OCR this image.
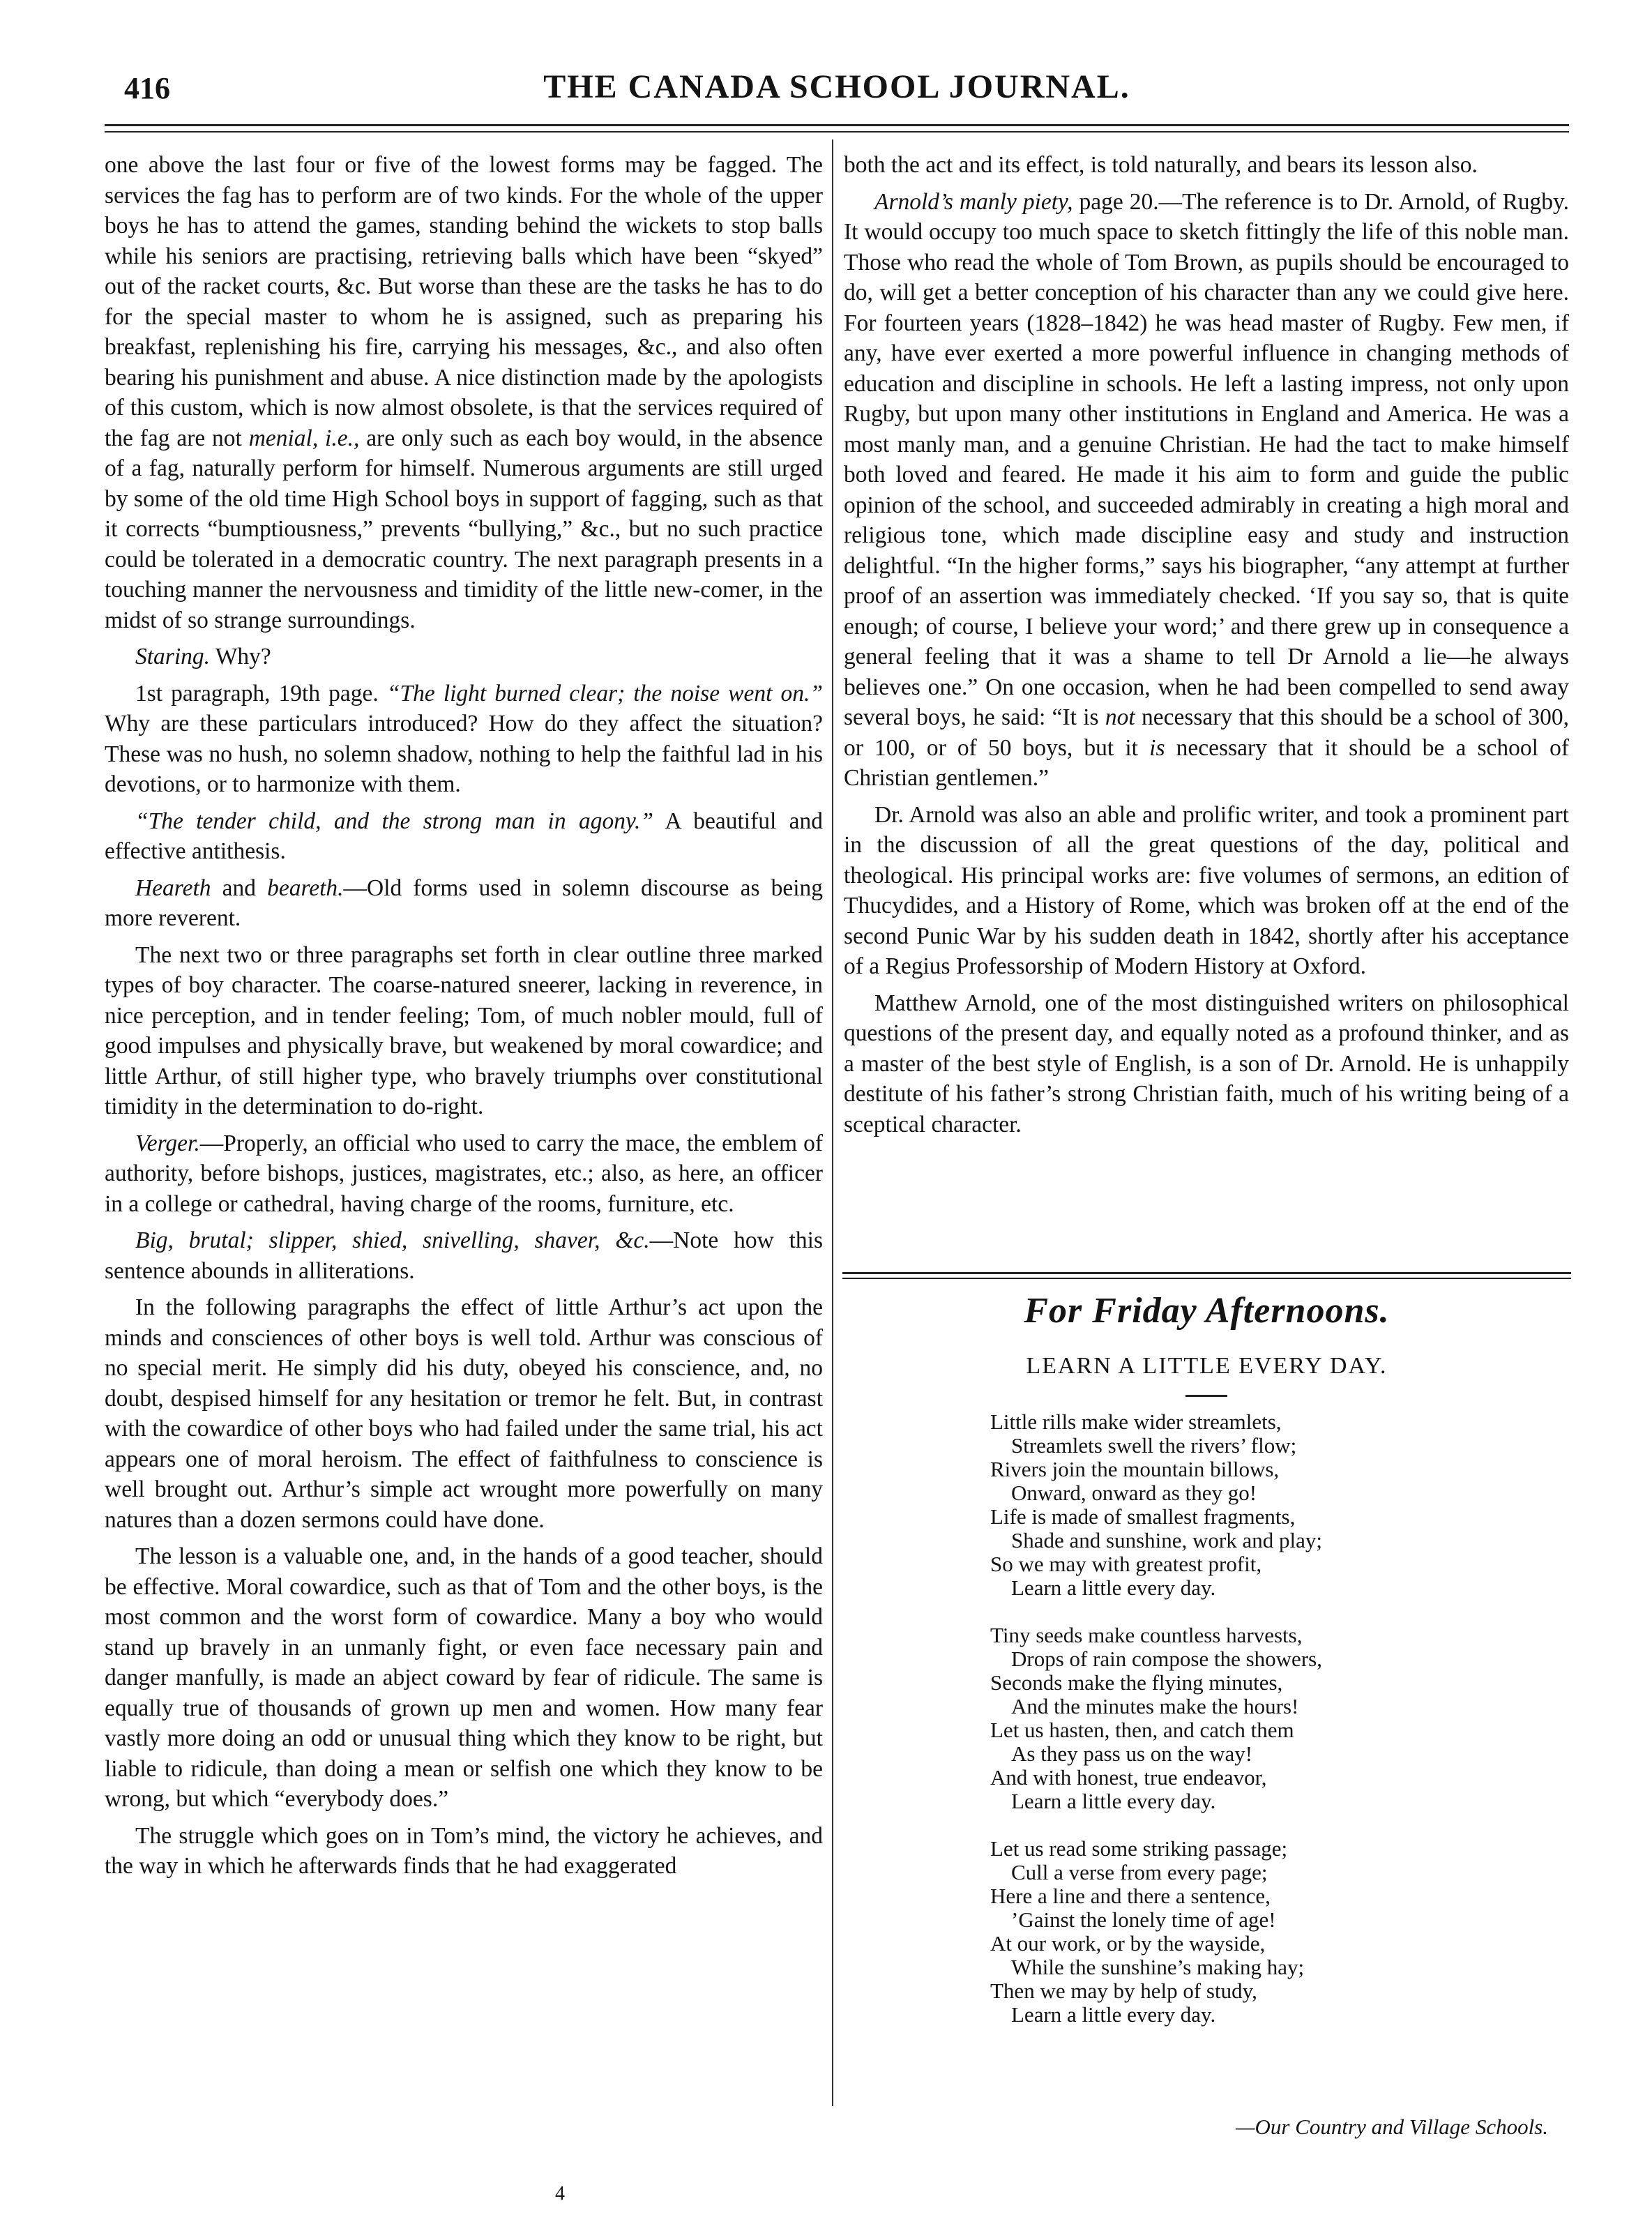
416	THE CANADA SCHOOL JOURNAL.

one above the last four or five of the lowest forms may be fagged. The services the fag has to perform are of two kinds. For the whole of the upper boys he has to attend the games, standing behind the wickets to stop balls while his seniors are practising, retrieving balls which have been “skyed” out of the racket courts, &c. But worse than these are the tasks he has to do for the special master to whom he is assigned, such as preparing his breakfast, replenishing his fire, carrying his messages, &c., and also often bearing his punishment and abuse. A nice distinction made by the apologists of this custom, which is now almost obsolete, is that the services required of the fag are not menial, i.e., are only such as each boy would, in the absence of a fag, naturally perform for himself. Numerous arguments are still urged by some of the old time High School boys in support of fagging, such as that it corrects “bumptiousness,” prevents “bullying,” &c., but no such practice could be tolerated in a democratic country. The next paragraph presents in a touching manner the nervousness and timidity of the little new-comer, in the midst of so strange surroundings.

Staring. Why?

1st paragraph, 19th page. “The light burned clear; the noise went on.” Why are these particulars introduced? How do they affect the situation? These was no hush, no solemn shadow, nothing to help the faithful lad in his devotions, or to harmonize with them.

“The tender child, and the strong man in agony.” A beautiful and effective antithesis.

Heareth and beareth.—Old forms used in solemn discourse as being more reverent.

The next two or three paragraphs set forth in clear outline three marked types of boy character. The coarse-natured sneerer, lacking in reverence, in nice perception, and in tender feeling; Tom, of much nobler mould, full of good impulses and physically brave, but weakened by moral cowardice; and little Arthur, of still higher type, who bravely triumphs over constitutional timidity in the determination to do-right.

Verger.—Properly, an official who used to carry the mace, the emblem of authority, before bishops, justices, magistrates, etc.; also, as here, an officer in a college or cathedral, having charge of the rooms, furniture, etc.

Big, brutal; slipper, shied, snivelling, shaver, &c.—Note how this sentence abounds in alliterations.

In the following paragraphs the effect of little Arthur’s act upon the minds and consciences of other boys is well told. Arthur was conscious of no special merit. He simply did his duty, obeyed his conscience, and, no doubt, despised himself for any hesitation or tremor he felt. But, in contrast with the cowardice of other boys who had failed under the same trial, his act appears one of moral heroism. The effect of faithfulness to conscience is well brought out. Arthur’s simple act wrought more powerfully on many natures than a dozen sermons could have done.

The lesson is a valuable one, and, in the hands of a good teacher, should be effective. Moral cowardice, such as that of Tom and the other boys, is the most common and the worst form of cowardice. Many a boy who would stand up bravely in an unmanly fight, or even face necessary pain and danger manfully, is made an abject coward by fear of ridicule. The same is equally true of thousands of grown up men and women. How many fear vastly more doing an odd or unusual thing which they know to be right, but liable to ridicule, than doing a mean or selfish one which they know to be wrong, but which “everybody does.”

The struggle which goes on in Tom’s mind, the victory he achieves, and the way in which he afterwards finds that he had exaggerated

both the act and its effect, is told naturally, and bears its lesson also.

Arnold’s manly piety, page 20.—The reference is to Dr. Arnold, of Rugby. It would occupy too much space to sketch fittingly the life of this noble man. Those who read the whole of Tom Brown, as pupils should be encouraged to do, will get a better conception of his character than any we could give here. For fourteen years (1828–1842) he was head master of Rugby. Few men, if any, have ever exerted a more powerful influence in changing methods of education and discipline in schools. He left a lasting impress, not only upon Rugby, but upon many other institutions in England and America. He was a most manly man, and a genuine Christian. He had the tact to make himself both loved and feared. He made it his aim to form and guide the public opinion of the school, and succeeded admirably in creating a high moral and religious tone, which made discipline easy and study and instruction delightful. “In the higher forms,” says his biographer, “any attempt at further proof of an assertion was immediately checked. ‘If you say so, that is quite enough; of course, I believe your word;’ and there grew up in consequence a general feeling that it was a shame to tell Dr Arnold a lie—he always believes one.” On one occasion, when he had been compelled to send away several boys, he said: “It is not necessary that this should be a school of 300, or 100, or of 50 boys, but it is necessary that it should be a school of Christian gentlemen.”

Dr. Arnold was also an able and prolific writer, and took a prominent part in the discussion of all the great questions of the day, political and theological. His principal works are: five volumes of sermons, an edition of Thucydides, and a History of Rome, which was broken off at the end of the second Punic War by his sudden death in 1842, shortly after his acceptance of a Regius Professorship of Modern History at Oxford.

Matthew Arnold, one of the most distinguished writers on philosophical questions of the present day, and equally noted as a profound thinker, and as a master of the best style of English, is a son of Dr. Arnold. He is unhappily destitute of his father’s strong Christian faith, much of his writing being of a sceptical character.

For Friday Afternoons.
LEARN A LITTLE EVERY DAY.
Little rills make wider streamlets,
Streamlets swell the rivers’ flow;
Rivers join the mountain billows,
Onward, onward as they go!
Life is made of smallest fragments,
Shade and sunshine, work and play;
So we may with greatest profit,
Learn a little every day.
Tiny seeds make countless harvests,
Drops of rain compose the showers,
Seconds make the flying minutes,
And the minutes make the hours!
Let us hasten, then, and catch them
As they pass us on the way!
And with honest, true endeavor,
Learn a little every day.
Let us read some striking passage;
Cull a verse from every page;
Here a line and there a sentence,
’Gainst the lonely time of age!
At our work, or by the wayside,
While the sunshine’s making hay;
Then we may by help of study,
Learn a little every day.
—Our Country and Village Schools.
4
